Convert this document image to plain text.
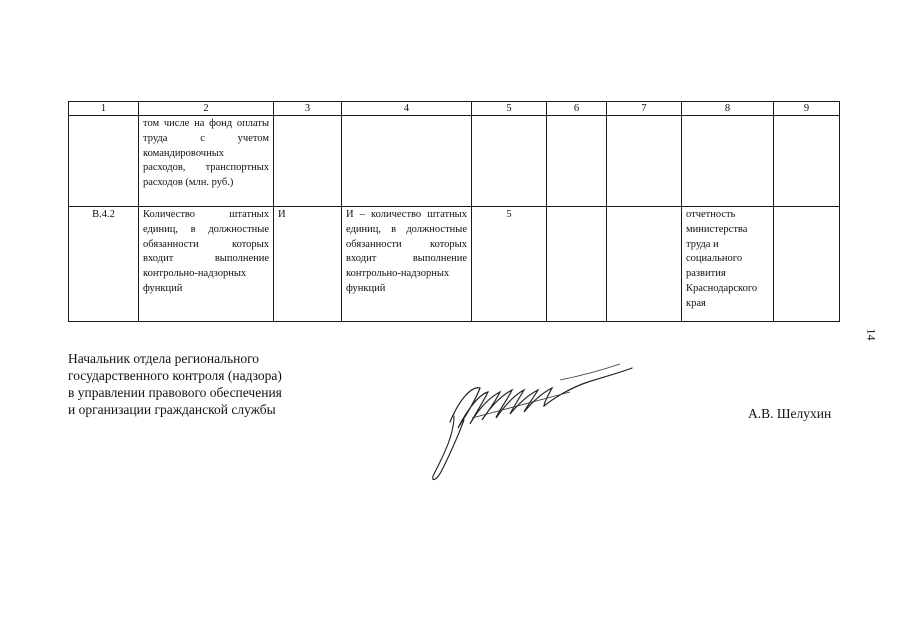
1	2	3	4	5	6	7	8	9
	том числе на фонд оплаты труда с учетом командировочных расходов, транспортных расходов (млн. руб.)							
В.4.2	Количество штатных единиц, в должностные обязанности которых входит выполнение контрольно-надзорных функций	И	И – количество штатных единиц, в должностные обязанности которых входит выполнение контрольно-надзорных функций	5			отчетность министерства труда и социального развития Краснодарского края	
14
Начальник отдела регионального
государственного контроля (надзора)
в управлении правового обеспечения
и организации гражданской службы	А.В. Шелухин
